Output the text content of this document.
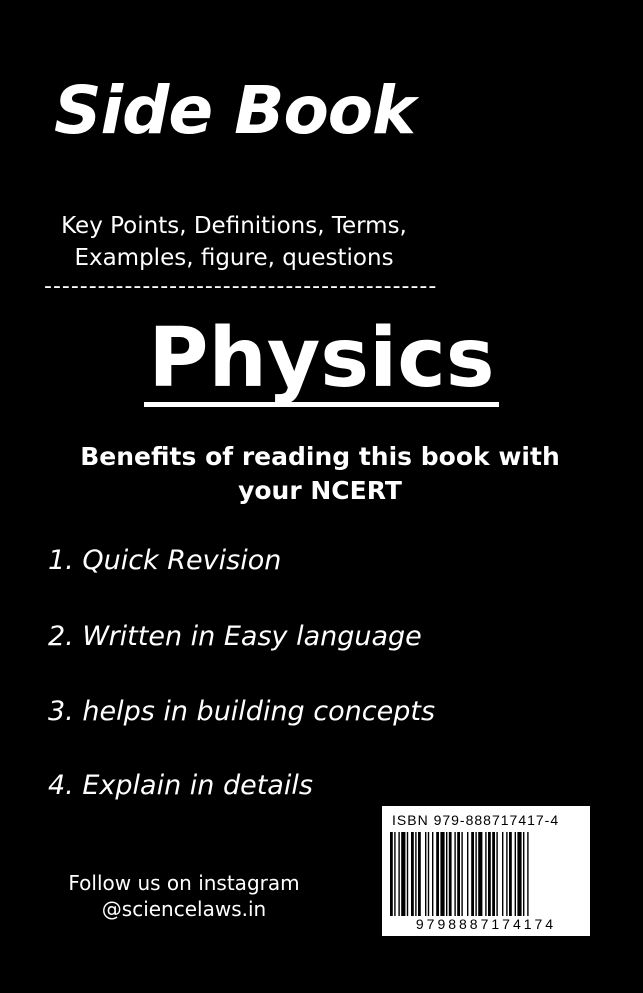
Side Book
Key Points, Definitions, Terms,
Examples, figure, questions
--------------------------------------------
Physics
Benefits of reading this book with
your NCERT
1. Quick Revision
2. Written in Easy language
3. helps in building concepts
4. Explain in details
Follow us on instagram
@sciencelaws.in
ISBN 979-888717417-4
9798887174174
